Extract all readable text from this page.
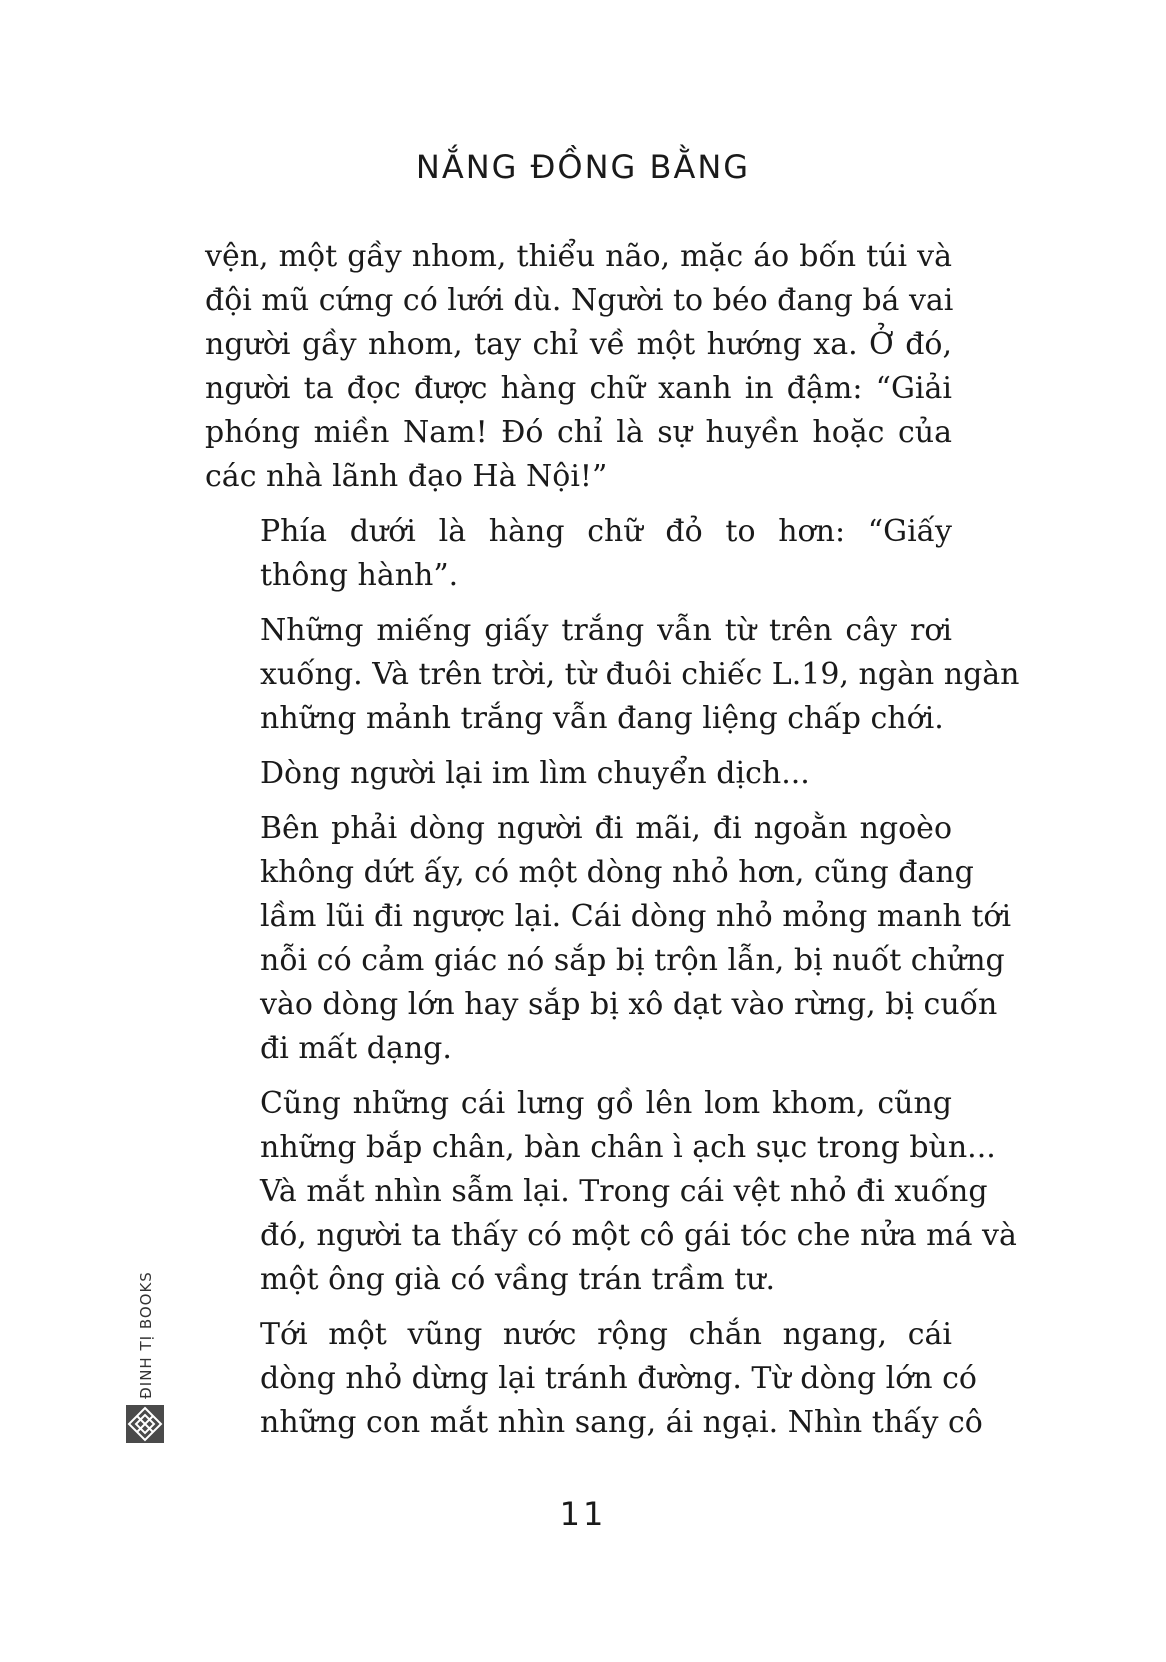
NẮNG ĐỒNG BẰNG

vện, một gầy nhom, thiểu não, mặc áo bốn túi và
đội mũ cứng có lưới dù. Người to béo đang bá vai
người gầy nhom, tay chỉ về một hướng xa. Ở đó,
người ta đọc được hàng chữ xanh in đậm: “Giải
phóng miền Nam! Đó chỉ là sự huyền hoặc của
các nhà lãnh đạo Hà Nội!”

Phía dưới là hàng chữ đỏ to hơn: “Giấy
thông hành”.

Những miếng giấy trắng vẫn từ trên cây rơi
xuống. Và trên trời, từ đuôi chiếc L.19, ngàn ngàn
những mảnh trắng vẫn đang liệng chấp chới.

Dòng người lại im lìm chuyển dịch...

Bên phải dòng người đi mãi, đi ngoằn ngoèo
không dứt ấy, có một dòng nhỏ hơn, cũng đang
lầm lũi đi ngược lại. Cái dòng nhỏ mỏng manh tới
nỗi có cảm giác nó sắp bị trộn lẫn, bị nuốt chửng
vào dòng lớn hay sắp bị xô dạt vào rừng, bị cuốn
đi mất dạng.

Cũng những cái lưng gồ lên lom khom, cũng
những bắp chân, bàn chân ì ạch sục trong bùn...
Và mắt nhìn sẫm lại. Trong cái vệt nhỏ đi xuống
đó, người ta thấy có một cô gái tóc che nửa má và
một ông già có vầng trán trầm tư.

Tới một vũng nước rộng chắn ngang, cái
dòng nhỏ dừng lại tránh đường. Từ dòng lớn có
những con mắt nhìn sang, ái ngại. Nhìn thấy cô

ĐINH TỊ BOOKS
11
